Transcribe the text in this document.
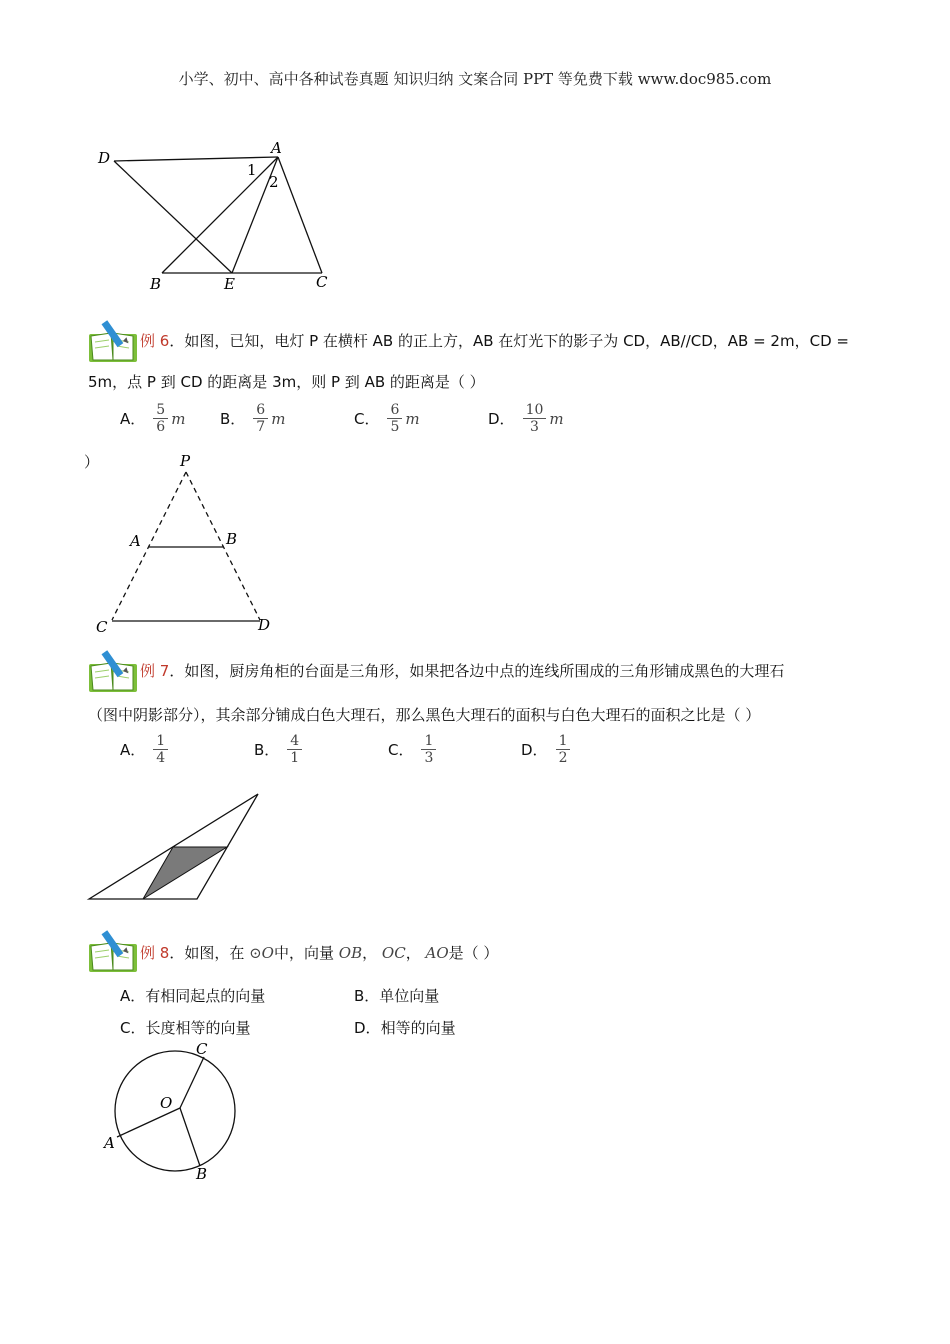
小学、初中、高中各种试卷真题 知识归纳 文案合同 PPT 等免费下载 www.doc985.com
D
A
1
2
B	E	C
例 6．如图，已知，电灯 P 在横杆 AB 的正上方，AB 在灯光下的影子为 CD，AB//CD，AB = 2m，CD =
5m，点 P 到 CD 的距离是 3m，则 P 到 AB 的距离是（ ）
A． $\frac{5}{6}$ m B． $\frac{6}{7}$ m	C． $\frac{6}{5}$ m	D． $\frac{10}{3}$ m
）	P
A	B
C	D
例 7．如图，厨房角柜的台面是三角形，如果把各边中点的连线所围成的三角形铺成黑色的大理石
（图中阴影部分），其余部分铺成白色大理石，那么黑色大理石的面积与白色大理石的面积之比是（ ）
A． $\frac{1}{4}$	B． $\frac{4}{1}$	C． $\frac{1}{3}$	D． $\frac{1}{2}$
例 8．如图，在 ⊙O中，向量 OB， OC， AO是（ ）
A． 有相同起点的向量	B． 单位向量
C． 长度相等的向量	D． 相等的向量
C
O
A
B
